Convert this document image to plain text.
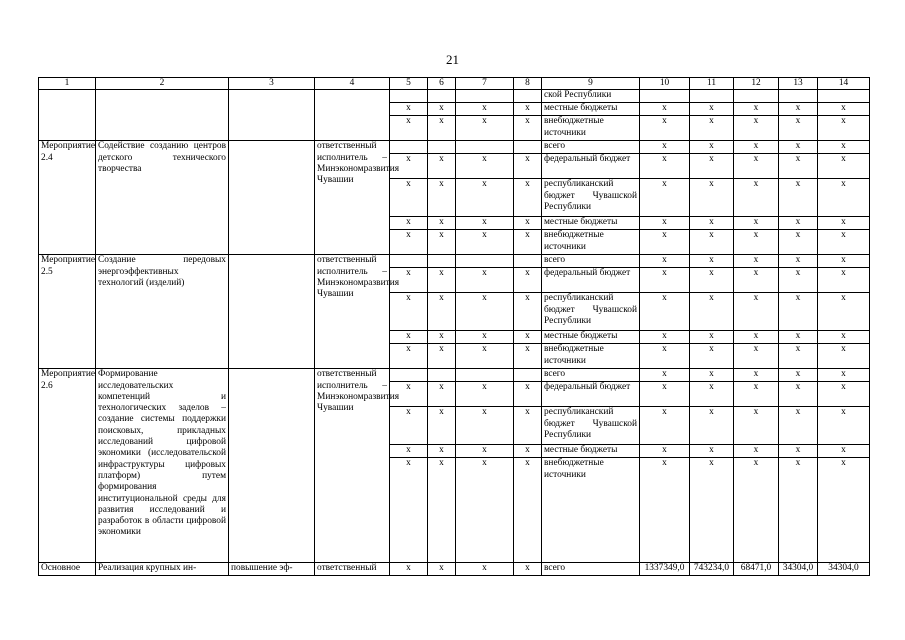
21
1	2	3	4	5	6	7	8	9	10	11	12	13	14
								ской Республики					
				х	х	х	х	местные бюджеты	х	х	х	х	х
				х	х	х	х	внебюджетные источники	х	х	х	х	х
Мероприятие 2.4	Содействие созданию центров детского технического творчества		ответственный исполнитель – Минэкономразвития Чувашии					всего	х	х	х	х	х
				х	х	х	х	федеральный бюджет	х	х	х	х	х
				х	х	х	х	республиканский бюджет Чувашской Республики	х	х	х	х	х
				х	х	х	х	местные бюджеты	х	х	х	х	х
				х	х	х	х	внебюджетные источники	х	х	х	х	х
Мероприятие 2.5	Создание передовых энергоэффективных технологий (изделий)		ответственный исполнитель – Минэкономразвития Чувашии					всего	х	х	х	х	х
				х	х	х	х	федеральный бюджет	х	х	х	х	х
				х	х	х	х	республиканский бюджет Чувашской Республики	х	х	х	х	х
				х	х	х	х	местные бюджеты	х	х	х	х	х
				х	х	х	х	внебюджетные источники	х	х	х	х	х
Мероприятие 2.6	Формирование исследовательских компетенций и технологических заделов – создание системы поддержки поисковых, прикладных исследований цифровой экономики (исследовательской инфраструктуры цифровых платформ) путем формирования институциональной среды для развития исследований и разработок в области цифровой экономики		ответственный исполнитель – Минэкономразвития Чувашии					всего	х	х	х	х	х
				х	х	х	х	федеральный бюджет	х	х	х	х	х
				х	х	х	х	республиканский бюджет Чувашской Республики	х	х	х	х	х
				х	х	х	х	местные бюджеты	х	х	х	х	х
				х	х	х	х	внебюджетные источники	х	х	х	х	х
Основное	Реализация крупных ин-	повышение эф-	ответственный	х	х	х	х	всего	1337349,0	743234,0	68471,0	34304,0	34304,0
